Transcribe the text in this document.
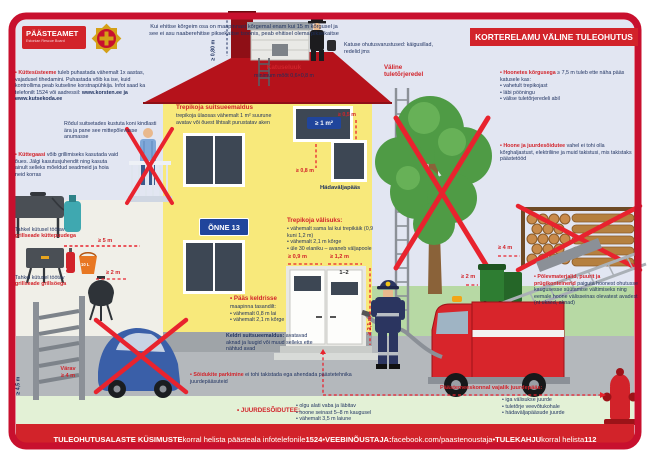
PÄÄSTEAMET
Estonian Rescue Board
Kui ehitise kõrgeim osa on maapinnast kõrgemal enam kui 15 m kõrgusel ja see ei asu naaberehitise piksekaitse tsoonis, peab ehitisel olema piksekaitse	KORTERELAMU VÄLINE TULEOHUTUS
≥ 0,80 m
Katuseluuk
minimum mõõt 0,6×0,8 m
Katuse ohutusvarustused: käigusillad, redelid jms
Väline
tuletõrjeredel
• Küttesüsteeme tuleb puhastada vähemalt 1x aastas, vajadusel tihedamini. Puhastada võib ka ise, kuid kontrollima peab kutseline korstnapühkija. Infot saad ka telefonilt 1524 või aadressil: www.korsten.ee ja www.kutsekoda.ee
Rõdul suitsetades kustuta koni kindlasti ära ja pane see mittepõlevasse anumasse
• Küttegaasi võib grillimiseks kasutada vaid õues. Jälgi kasutusjuhendit ning kasuta ainult selleks mõeldud seadmeid ja hoia neid korras
Tahkel kütusel töötav
grillseade küttepuudega
≥ 5 m
6 kg
10 L
Tahkel kütusel töötav
grillseade grillsöega
≥ 2 m
≥ 4,5 m
Värav
≥ 4 m	• Sõidukite parkimine ei tohi takistada ega ahendada päästetehnika juurdepääsuteid
Trepikoja suitsueemaldus
trepikoja ülaosas vähemalt 1 m² suurune avatav või õuest lihtsalt purustatav aken	≥ 1 m²
≥ 0,5 m
≥ 0,8 m
Hädaväljapääs
ÕNNE 13
Trepikoja välisuks:
• vähemalt sama lai kui trepikäik (0,9 kuni 1,2 m)
• vähemalt 2,1 m kõrge
• üle 30 elaniku – avaneb väljapoole
≥ 0,9 m	≥ 1,2 m
≥ 2,1 m
1–2
• Pääs keldrisse
maapinna tasandilt:
• vähemalt 0,8 m lai
• vähemalt 2,1 m kõrge
Keldri suitsueemaldus: avatavad aknad ja luugid või muud selleks ette nähtud avad
• Hoonetes kõrgusega ≥ 7,5 m tuleb ette näha pääs katusele kas:
• vahetult trepikojast
• läbi pööningu
• välise tuletõrjeredeli abil
• Hoone ja juurdesõidutee vahel ei tohi olla kõrghaljastust, elektriliine ja muid takistusi, mis takistaks päästetööd
≥ 4 m
≥ 2 m	• Põlevmaterjalid, puurit ja prügikonteinerid paiguta hoonest ohutusse kaugusesse süütamise vältimiseks ning eemale hoone välisseinas olevatest avadest (nt uksed, aknad)
Päästemeeskonnal vajalik juurdepääs:
• JUURDESÕIDUTEE:
• olgu alati vaba ja läbitav
• hoone seinast 5–8 m kaugusel
• vähemalt 3,5 m laiune
• iga välisukse juurde
• tuletõrje veevõtukohale
• hädaväljapääsude juurde
TULEOHUTUSALASTE KÜSIMUSTE korral helista päästeala infotelefonile 1524 • VEEBINÕUSTAJA: facebook.com/paastenoustaja • TULEKAHJU korral helista 112
